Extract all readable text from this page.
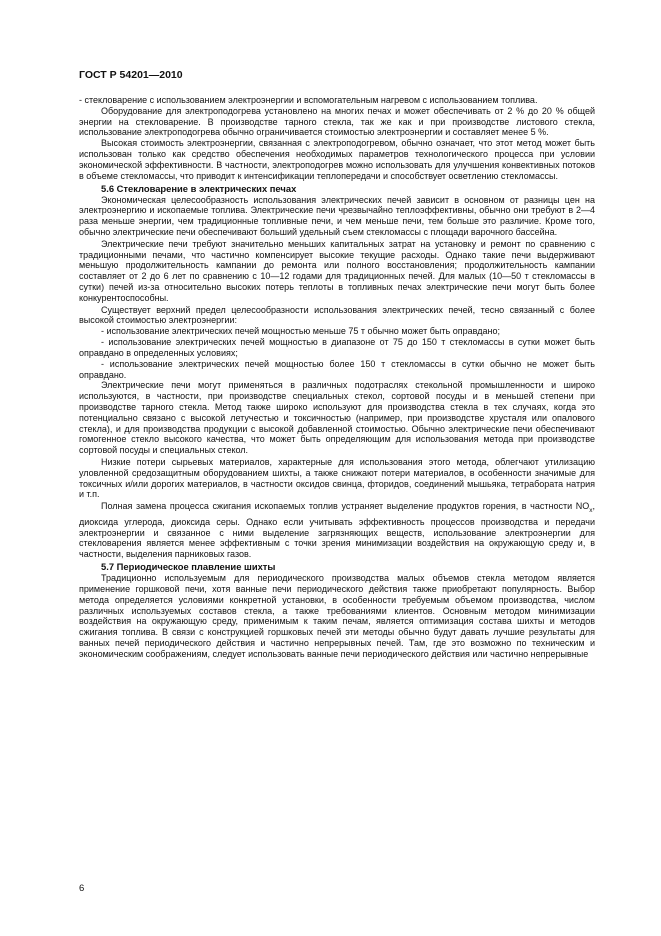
ГОСТ Р 54201—2010

- стекловарение с использованием электроэнергии и вспомогательным нагревом с использованием топлива.

Оборудование для электроподогрева установлено на многих печах и может обеспечивать от 2 % до 20 % общей энергии на стекловарение. В производстве тарного стекла, так же как и при производстве листового стекла, использование электроподогрева обычно ограничивается стоимостью электроэнергии и составляет менее 5 %.

Высокая стоимость электроэнергии, связанная с электроподогревом, обычно означает, что этот метод может быть использован только как средство обеспечения необходимых параметров технологического процесса при условии экономической эффективности. В частности, электроподогрев можно использовать для улучшения конвективных потоков в объеме стекломассы, что приводит к интенсификации теплопередачи и способствует осветлению стекломассы.

5.6 Стекловарение в электрических печах

Экономическая целесообразность использования электрических печей зависит в основном от разницы цен на электроэнергию и ископаемые топлива. Электрические печи чрезвычайно теплоэффективны, обычно они требуют в 2—4 раза меньше энергии, чем традиционные топливные печи, и чем меньше печи, тем больше это различие. Кроме того, обычно электрические печи обеспечивают больший удельный съем стекломассы с площади варочного бассейна.

Электрические печи требуют значительно меньших капитальных затрат на установку и ремонт по сравнению с традиционными печами, что частично компенсирует высокие текущие расходы. Однако такие печи выдерживают меньшую продолжительность кампании до ремонта или полного восстановления; продолжительность кампании составляет от 2 до 6 лет по сравнению с 10—12 годами для традиционных печей. Для малых (10—50 т стекломассы в сутки) печей из-за относительно высоких потерь теплоты в топливных печах электрические печи могут быть более конкурентоспособны.

Существует верхний предел целесообразности использования электрических печей, тесно связанный с более высокой стоимостью электроэнергии:

- использование электрических печей мощностью меньше 75 т обычно может быть оправдано;

- использование электрических печей мощностью в диапазоне от 75 до 150 т стекломассы в сутки может быть оправдано в определенных условиях;

- использование электрических печей мощностью более 150 т стекломассы в сутки обычно не может быть оправдано.

Электрические печи могут применяться в различных подотраслях стекольной промышленности и широко используются, в частности, при производстве специальных стекол, сортовой посуды и в меньшей степени при производстве тарного стекла. Метод также широко используют для производства стекла в тех случаях, когда это потенциально связано с высокой летучестью и токсичностью (например, при производстве хрусталя или опалового стекла), и для производства продукции с высокой добавленной стоимостью. Обычно электрические печи обеспечивают гомогенное стекло высокого качества, что может быть определяющим для использования метода при производстве сортовой посуды и специальных стекол.

Низкие потери сырьевых материалов, характерные для использования этого метода, облегчают утилизацию уловленной средозащитным оборудованием шихты, а также снижают потери материалов, в особенности значимые для токсичных и/или дорогих материалов, в частности оксидов свинца, фторидов, соединений мышьяка, тетрабората натрия и т.п.

Полная замена процесса сжигания ископаемых топлив устраняет выделение продуктов горения, в частности $NO_x$, диоксида углерода, диоксида серы. Однако если учитывать эффективность процессов производства и передачи электроэнергии и связанное с ними выделение загрязняющих веществ, использование электроэнергии для стекловарения является менее эффективным с точки зрения минимизации воздействия на окружающую среду и, в частности, выделения парниковых газов.

5.7 Периодическое плавление шихты

Традиционно используемым для периодического производства малых объемов стекла методом является применение горшковой печи, хотя ванные печи периодического действия также приобретают популярность. Выбор метода определяется условиями конкретной установки, в особенности требуемым объемом производства, числом различных используемых составов стекла, а также требованиями клиентов. Основным методом минимизации воздействия на окружающую среду, применимым к таким печам, является оптимизация состава шихты и методов сжигания топлива. В связи с конструкцией горшковых печей эти методы обычно будут давать лучшие результаты для ванных печей периодического действия и частично непрерывных печей. Там, где это возможно по техническим и экономическим соображениям, следует использовать ванные печи периодического действия или частично непрерывные

6
